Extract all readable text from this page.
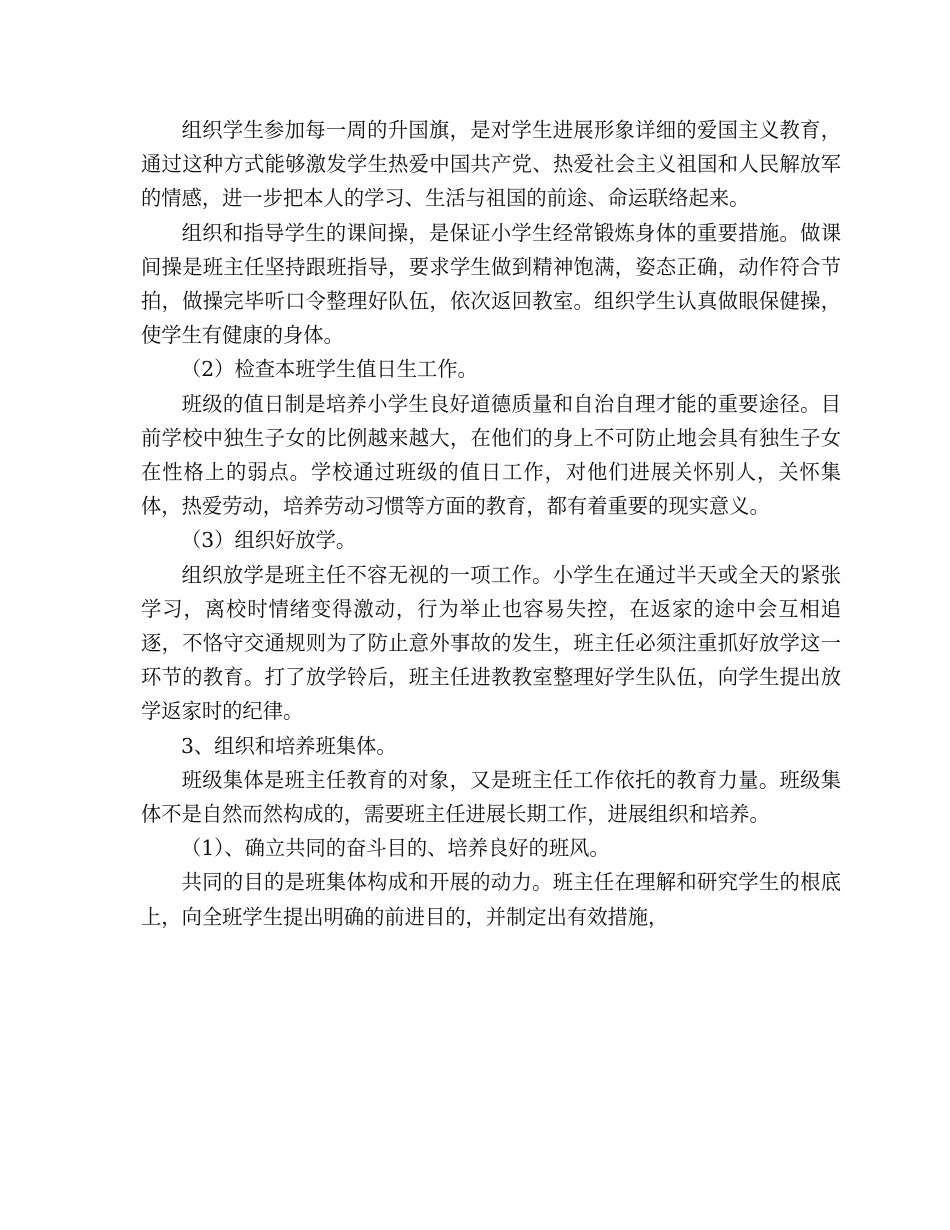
组织学生参加每一周的升国旗，是对学生进展形象详细的爱国主义教育，通过这种方式能够激发学生热爱中国共产党、热爱社会主义祖国和人民解放军的情感，进一步把本人的学习、生活与祖国的前途、命运联络起来。

组织和指导学生的课间操，是保证小学生经常锻炼身体的重要措施。做课间操是班主任坚持跟班指导，要求学生做到精神饱满，姿态正确，动作符合节拍，做操完毕听口令整理好队伍，依次返回教室。组织学生认真做眼保健操，使学生有健康的身体。

（2）检查本班学生值日生工作。

班级的值日制是培养小学生良好道德质量和自治自理才能的重要途径。目前学校中独生子女的比例越来越大，在他们的身上不可防止地会具有独生子女在性格上的弱点。学校通过班级的值日工作，对他们进展关怀别人，关怀集体，热爱劳动，培养劳动习惯等方面的教育，都有着重要的现实意义。

（3）组织好放学。

组织放学是班主任不容无视的一项工作。小学生在通过半天或全天的紧张学习，离校时情绪变得激动，行为举止也容易失控，在返家的途中会互相追逐，不恪守交通规则为了防止意外事故的发生，班主任必须注重抓好放学这一环节的教育。打了放学铃后，班主任进教教室整理好学生队伍，向学生提出放学返家时的纪律。

3、组织和培养班集体。

班级集体是班主任教育的对象，又是班主任工作依托的教育力量。班级集体不是自然而然构成的，需要班主任进展长期工作，进展组织和培养。

（1）、确立共同的奋斗目的、培养良好的班风。

共同的目的是班集体构成和开展的动力。班主任在理解和研究学生的根底上，向全班学生提出明确的前进目的，并制定出有效措施，
